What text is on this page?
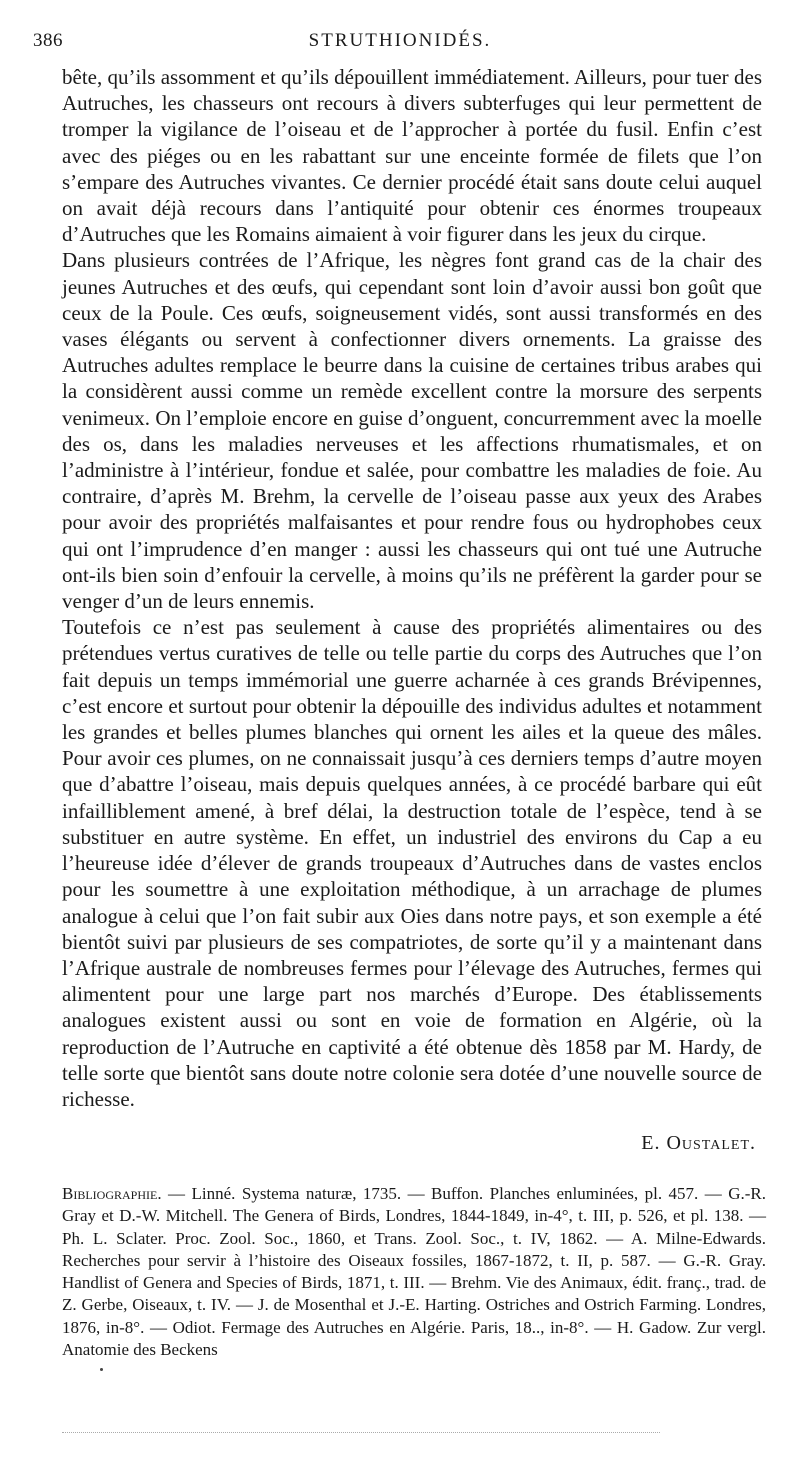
386	STRUTHIONIDÉS.

bête, qu’ils assomment et qu’ils dépouillent immédiatement. Ailleurs, pour tuer des Autruches, les chasseurs ont recours à divers subterfuges qui leur permettent de tromper la vigilance de l’oiseau et de l’approcher à portée du fusil. Enfin c’est avec des piéges ou en les rabattant sur une enceinte formée de filets que l’on s’empare des Autruches vivantes. Ce dernier procédé était sans doute celui auquel on avait déjà recours dans l’antiquité pour obtenir ces énormes troupeaux d’Autruches que les Romains aimaient à voir figurer dans les jeux du cirque.

Dans plusieurs contrées de l’Afrique, les nègres font grand cas de la chair des jeunes Autruches et des œufs, qui cependant sont loin d’avoir aussi bon goût que ceux de la Poule. Ces œufs, soigneusement vidés, sont aussi transformés en des vases élégants ou servent à confectionner divers ornements. La graisse des Autruches adultes remplace le beurre dans la cuisine de certaines tribus arabes qui la considèrent aussi comme un remède excellent contre la morsure des serpents venimeux. On l’emploie encore en guise d’onguent, concurremment avec la moelle des os, dans les maladies nerveuses et les affections rhumatismales, et on l’administre à l’intérieur, fondue et salée, pour combattre les maladies de foie. Au contraire, d’après M. Brehm, la cervelle de l’oiseau passe aux yeux des Arabes pour avoir des propriétés malfaisantes et pour rendre fous ou hydrophobes ceux qui ont l’imprudence d’en manger : aussi les chasseurs qui ont tué une Autruche ont-ils bien soin d’enfouir la cervelle, à moins qu’ils ne préfèrent la garder pour se venger d’un de leurs ennemis.

Toutefois ce n’est pas seulement à cause des propriétés alimentaires ou des prétendues vertus curatives de telle ou telle partie du corps des Autruches que l’on fait depuis un temps immémorial une guerre acharnée à ces grands Brévipennes, c’est encore et surtout pour obtenir la dépouille des individus adultes et notamment les grandes et belles plumes blanches qui ornent les ailes et la queue des mâles. Pour avoir ces plumes, on ne connaissait jusqu’à ces derniers temps d’autre moyen que d’abattre l’oiseau, mais depuis quelques années, à ce procédé barbare qui eût infailliblement amené, à bref délai, la destruction totale de l’espèce, tend à se substituer en autre système. En effet, un industriel des environs du Cap a eu l’heureuse idée d’élever de grands troupeaux d’Autruches dans de vastes enclos pour les soumettre à une exploitation méthodique, à un arrachage de plumes analogue à celui que l’on fait subir aux Oies dans notre pays, et son exemple a été bientôt suivi par plusieurs de ses compatriotes, de sorte qu’il y a maintenant dans l’Afrique australe de nombreuses fermes pour l’élevage des Autruches, fermes qui alimentent pour une large part nos marchés d’Europe. Des établissements analogues existent aussi ou sont en voie de formation en Algérie, où la reproduction de l’Autruche en captivité a été obtenue dès 1858 par M. Hardy, de telle sorte que bientôt sans doute notre colonie sera dotée d’une nouvelle source de richesse.

E. Oustalet.
Bibliographie. — Linné. Systema naturæ, 1735. — Buffon. Planches enluminées, pl. 457. — G.-R. Gray et D.-W. Mitchell. The Genera of Birds, Londres, 1844-1849, in-4°, t. III, p. 526, et pl. 138. — Ph. L. Sclater. Proc. Zool. Soc., 1860, et Trans. Zool. Soc., t. IV, 1862. — A. Milne-Edwards. Recherches pour servir à l’histoire des Oiseaux fossiles, 1867-1872, t. II, p. 587. — G.-R. Gray. Handlist of Genera and Species of Birds, 1871, t. III. — Brehm. Vie des Animaux, édit. franç., trad. de Z. Gerbe, Oiseaux, t. IV. — J. de Mosenthal et J.-E. Harting. Ostriches and Ostrich Farming. Londres, 1876, in-8°. — Odiot. Fermage des Autruches en Algérie. Paris, 18.., in-8°. — H. Gadow. Zur vergl. Anatomie des Beckens
